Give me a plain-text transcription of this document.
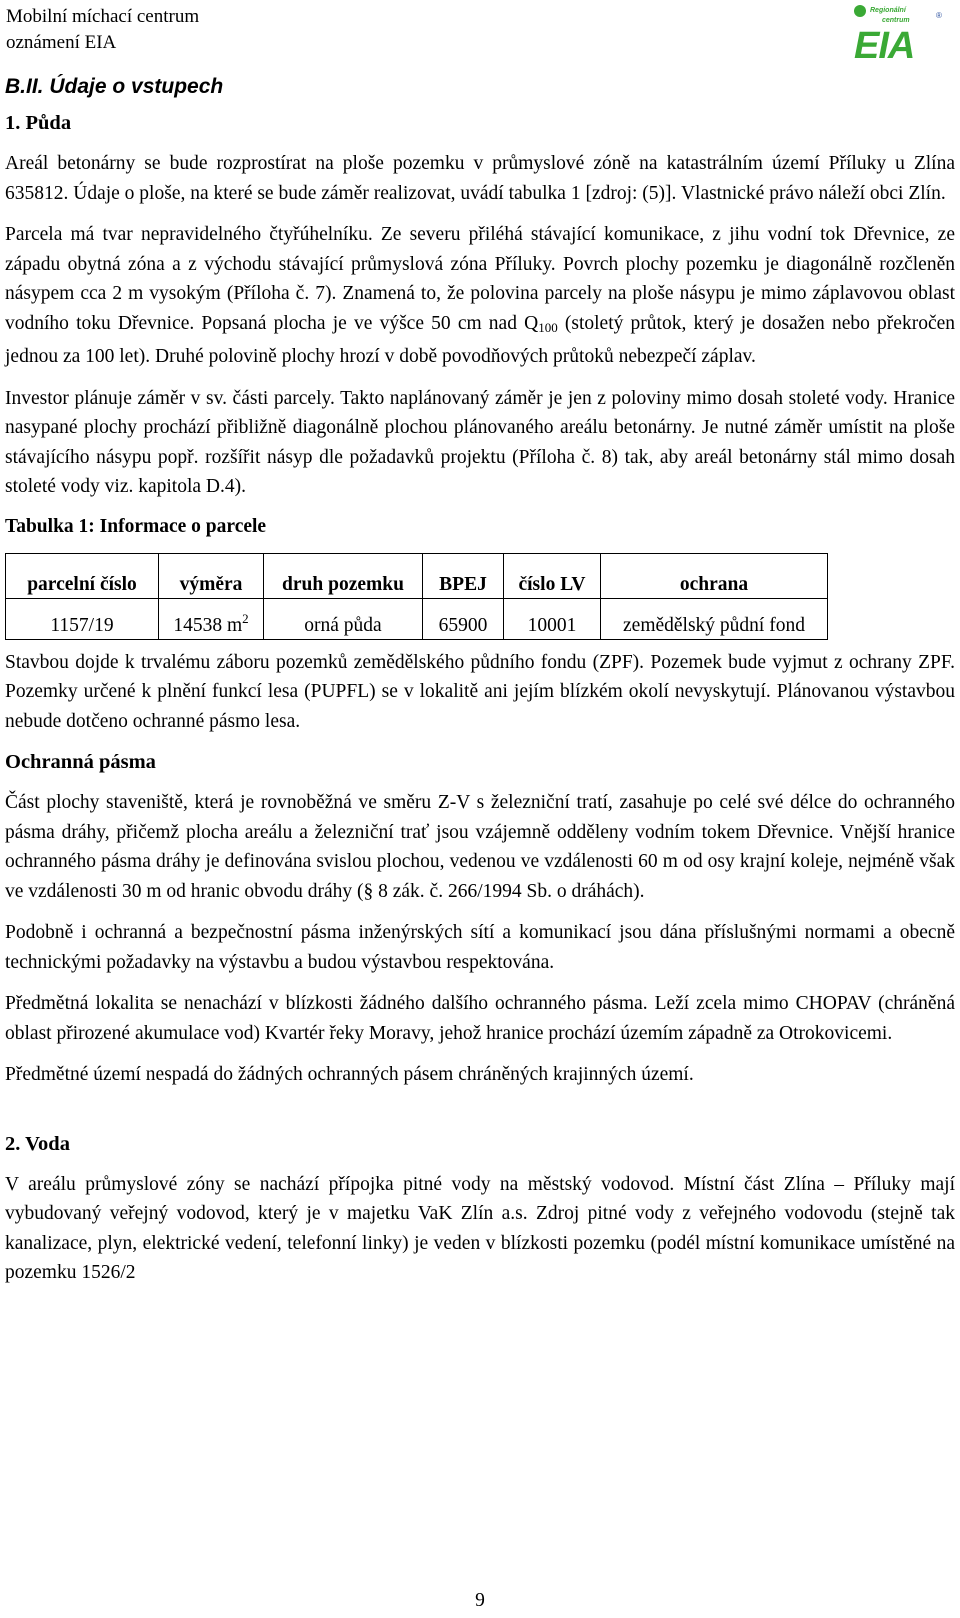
Mobilní míchací centrum
oznámení EIA
Regionální
centrum
EIA
®
B.II. Údaje o vstupech
1. Půda

Areál betonárny se bude rozprostírat na ploše pozemku v průmyslové zóně na katastrálním území Příluky u Zlína 635812. Údaje o ploše, na které se bude záměr realizovat, uvádí tabulka 1 [zdroj: (5)]. Vlastnické právo náleží obci Zlín.

Parcela má tvar nepravidelného čtyřúhelníku. Ze severu přiléhá stávající komunikace, z jihu vodní tok Dřevnice, ze západu obytná zóna a z východu stávající průmyslová zóna Příluky. Povrch plochy pozemku je diagonálně rozčleněn násypem cca 2 m vysokým (Příloha č. 7). Znamená to, že polovina parcely na ploše násypu je mimo záplavovou oblast vodního toku Dřevnice. Popsaná plocha je ve výšce 50 cm nad $Q_{100}$ (stoletý průtok, který je dosažen nebo překročen jednou za 100 let). Druhé polovině plochy hrozí v době povodňových průtoků nebezpečí záplav.

Investor plánuje záměr v sv. části parcely. Takto naplánovaný záměr je jen z poloviny mimo dosah stoleté vody. Hranice nasypané plochy prochází přibližně diagonálně plochou plánovaného areálu betonárny. Je nutné záměr umístit na ploše stávajícího násypu popř. rozšířit násyp dle požadavků projektu (Příloha č. 8) tak, aby areál betonárny stál mimo dosah stoleté vody viz. kapitola D.4).

Tabulka 1: Informace o parcele
parcelní číslo	výměra	druh pozemku	BPEJ	číslo LV	ochrana
1157/19	14538 $m^2$	orná půda	65900	10001	zemědělský půdní fond

Stavbou dojde k trvalému záboru pozemků zemědělského půdního fondu (ZPF). Pozemek bude vyjmut z ochrany ZPF. Pozemky určené k plnění funkcí lesa (PUPFL) se v lokalitě ani jejím blízkém okolí nevyskytují. Plánovanou výstavbou nebude dotčeno ochranné pásmo lesa.

Ochranná pásma

Část plochy staveniště, která je rovnoběžná ve směru Z-V s železniční tratí, zasahuje po celé své délce do ochranného pásma dráhy, přičemž plocha areálu a železniční trať jsou vzájemně odděleny vodním tokem Dřevnice. Vnější hranice ochranného pásma dráhy je definována svislou plochou, vedenou ve vzdálenosti 60 m od osy krajní koleje, nejméně však ve vzdálenosti 30 m od hranic obvodu dráhy (§ 8 zák. č. 266/1994 Sb. o dráhách).

Podobně i ochranná a bezpečnostní pásma inženýrských sítí a komunikací jsou dána příslušnými normami a obecně technickými požadavky na výstavbu a budou výstavbou respektována.

Předmětná lokalita se nenachází v blízkosti žádného dalšího ochranného pásma. Leží zcela mimo CHOPAV (chráněná oblast přirozené akumulace vod) Kvartér řeky Moravy, jehož hranice prochází územím západně za Otrokovicemi.

Předmětné území nespadá do žádných ochranných pásem chráněných krajinných území.

2. Voda

V areálu průmyslové zóny se nachází přípojka pitné vody na městský vodovod. Místní část Zlína – Příluky mají vybudovaný veřejný vodovod, který je v majetku VaK Zlín a.s. Zdroj pitné vody z veřejného vodovodu (stejně tak kanalizace, plyn, elektrické vedení, telefonní linky) je veden v blízkosti pozemku (podél místní komunikace umístěné na pozemku 1526/2

9
